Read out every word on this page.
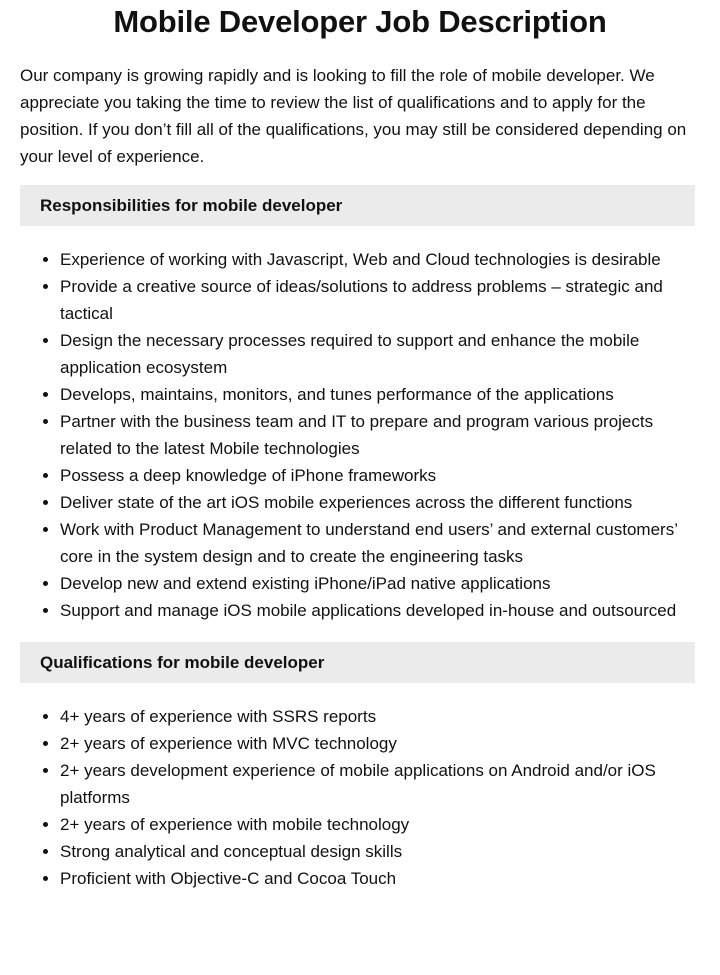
Mobile Developer Job Description

Our company is growing rapidly and is looking to fill the role of mobile developer. We appreciate you taking the time to review the list of qualifications and to apply for the position. If you don’t fill all of the qualifications, you may still be considered depending on your level of experience.

Responsibilities for mobile developer
• Experience of working with Javascript, Web and Cloud technologies is desirable
• Provide a creative source of ideas/solutions to address problems – strategic and tactical
• Design the necessary processes required to support and enhance the mobile application ecosystem
• Develops, maintains, monitors, and tunes performance of the applications
• Partner with the business team and IT to prepare and program various projects related to the latest Mobile technologies
• Possess a deep knowledge of iPhone frameworks
• Deliver state of the art iOS mobile experiences across the different functions
• Work with Product Management to understand end users’ and external customers’ core in the system design and to create the engineering tasks
• Develop new and extend existing iPhone/iPad native applications
• Support and manage iOS mobile applications developed in-house and outsourced
Qualifications for mobile developer
• 4+ years of experience with SSRS reports
• 2+ years of experience with MVC technology
• 2+ years development experience of mobile applications on Android and/or iOS platforms
• 2+ years of experience with mobile technology
• Strong analytical and conceptual design skills
• Proficient with Objective-C and Cocoa Touch
